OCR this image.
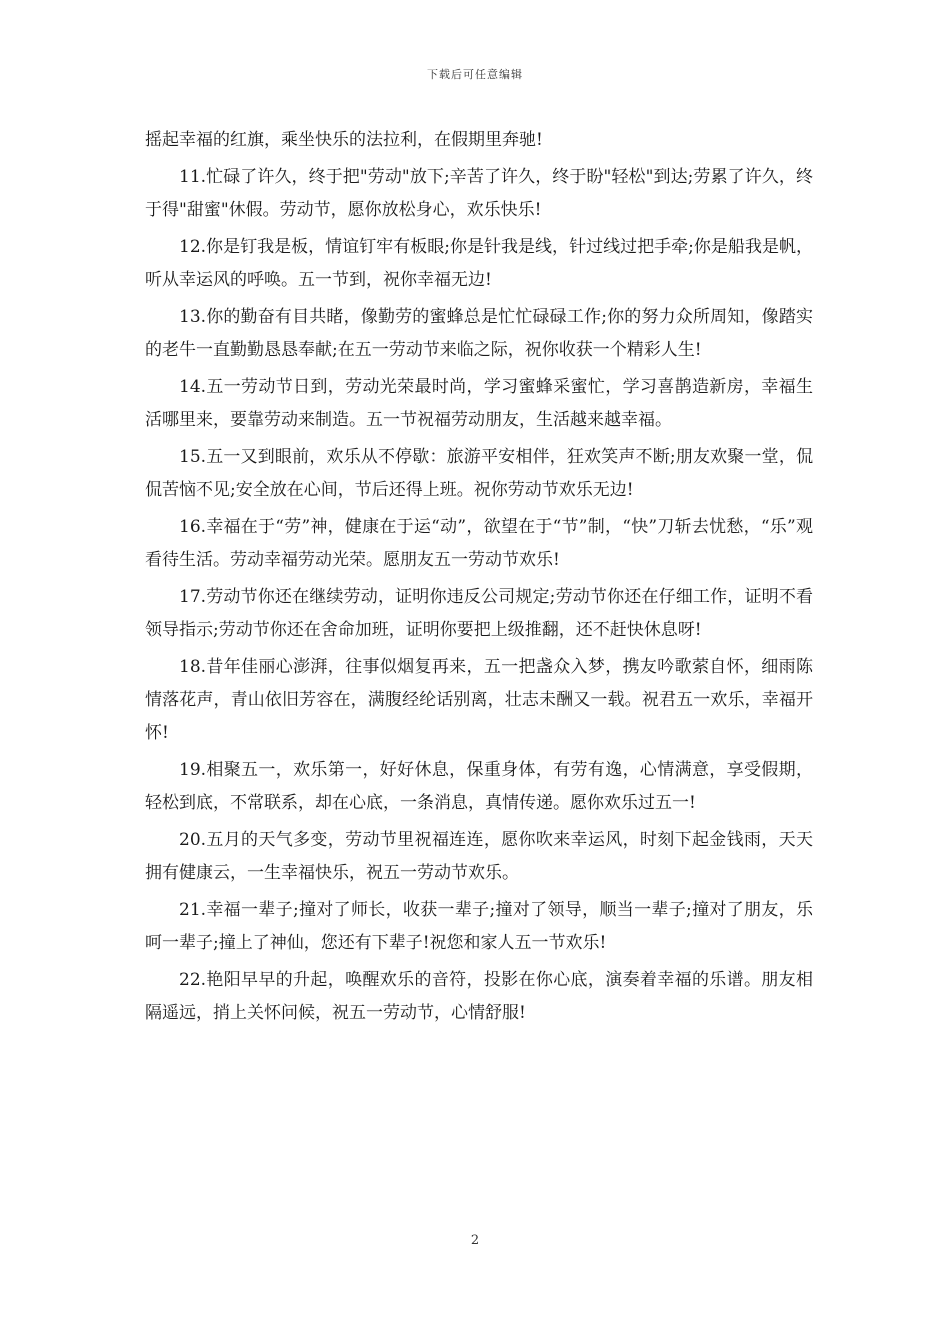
下载后可任意编辑

摇起幸福的红旗，乘坐快乐的法拉利，在假期里奔驰!

11.忙碌了许久，终于把"劳动"放下;辛苦了许久，终于盼"轻松"到达;劳累了许久，终于得"甜蜜"休假。劳动节，愿你放松身心，欢乐快乐!

12.你是钉我是板，情谊钉牢有板眼;你是针我是线，针过线过把手牵;你是船我是帆，听从幸运风的呼唤。五一节到，祝你幸福无边!

13.你的勤奋有目共睹，像勤劳的蜜蜂总是忙忙碌碌工作;你的努力众所周知，像踏实的老牛一直勤勤恳恳奉献;在五一劳动节来临之际，祝你收获一个精彩人生!

14.五一劳动节日到，劳动光荣最时尚，学习蜜蜂采蜜忙，学习喜鹊造新房，幸福生活哪里来，要靠劳动来制造。五一节祝福劳动朋友，生活越来越幸福。

15.五一又到眼前，欢乐从不停歇：旅游平安相伴，狂欢笑声不断;朋友欢聚一堂，侃侃苦恼不见;安全放在心间，节后还得上班。祝你劳动节欢乐无边!

16.幸福在于“劳”神，健康在于运“动”，欲望在于“节”制，“快”刀斩去忧愁，“乐”观看待生活。劳动幸福劳动光荣。愿朋友五一劳动节欢乐!

17.劳动节你还在继续劳动，证明你违反公司规定;劳动节你还在仔细工作，证明不看领导指示;劳动节你还在舍命加班，证明你要把上级推翻，还不赶快休息呀!

18.昔年佳丽心澎湃，往事似烟复再来，五一把盏众入梦，携友吟歌萦自怀，细雨陈情落花声，青山依旧芳容在，满腹经纶话别离，壮志未酬又一载。祝君五一欢乐，幸福开怀!

19.相聚五一，欢乐第一，好好休息，保重身体，有劳有逸，心情满意，享受假期，轻松到底，不常联系，却在心底，一条消息，真情传递。愿你欢乐过五一!

20.五月的天气多变，劳动节里祝福连连，愿你吹来幸运风，时刻下起金钱雨，天天拥有健康云，一生幸福快乐，祝五一劳动节欢乐。

21.幸福一辈子;撞对了师长，收获一辈子;撞对了领导，顺当一辈子;撞对了朋友，乐呵一辈子;撞上了神仙，您还有下辈子!祝您和家人五一节欢乐!

22.艳阳早早的升起，唤醒欢乐的音符，投影在你心底，演奏着幸福的乐谱。朋友相隔遥远，捎上关怀问候，祝五一劳动节，心情舒服!

2
